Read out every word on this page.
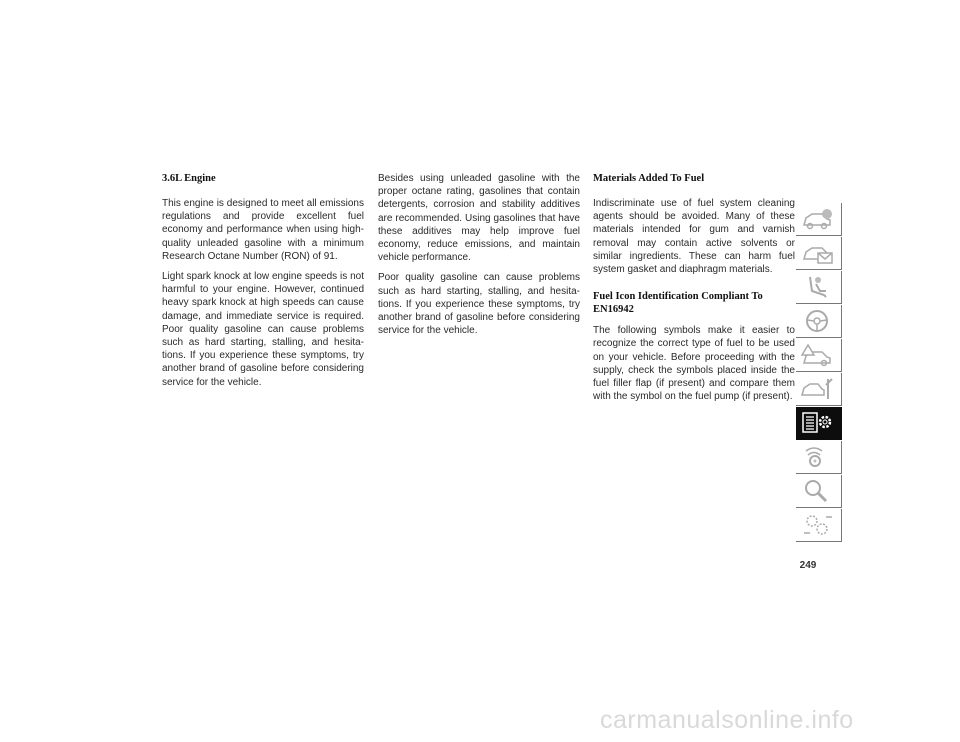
3.6L Engine

This engine is designed to meet all emissions regulations and provide excellent fuel economy and performance when using high-quality unleaded gasoline with a minimum Research Octane Number (RON) of 91.

Light spark knock at low engine speeds is not harmful to your engine. However, continued heavy spark knock at high speeds can cause damage, and immediate service is required. Poor quality gasoline can cause problems such as hard starting, stalling, and hesita-tions. If you experience these symptoms, try another brand of gasoline before considering service for the vehicle.

Besides using unleaded gasoline with the proper octane rating, gasolines that contain detergents, corrosion and stability additives are recommended. Using gasolines that have these additives may help improve fuel economy, reduce emissions, and maintain vehicle performance.

Poor quality gasoline can cause problems such as hard starting, stalling, and hesita-tions. If you experience these symptoms, try another brand of gasoline before considering service for the vehicle.

Materials Added To Fuel

Indiscriminate use of fuel system cleaning agents should be avoided. Many of these materials intended for gum and varnish removal may contain active solvents or similar ingredients. These can harm fuel system gasket and diaphragm materials.

Fuel Icon Identification Compliant To EN16942

The following symbols make it easier to recognize the correct type of fuel to be used on your vehicle. Before proceeding with the supply, check the symbols placed inside the fuel filler flap (if present) and compare them with the symbol on the fuel pump (if present).

249
carmanualsonline.info
